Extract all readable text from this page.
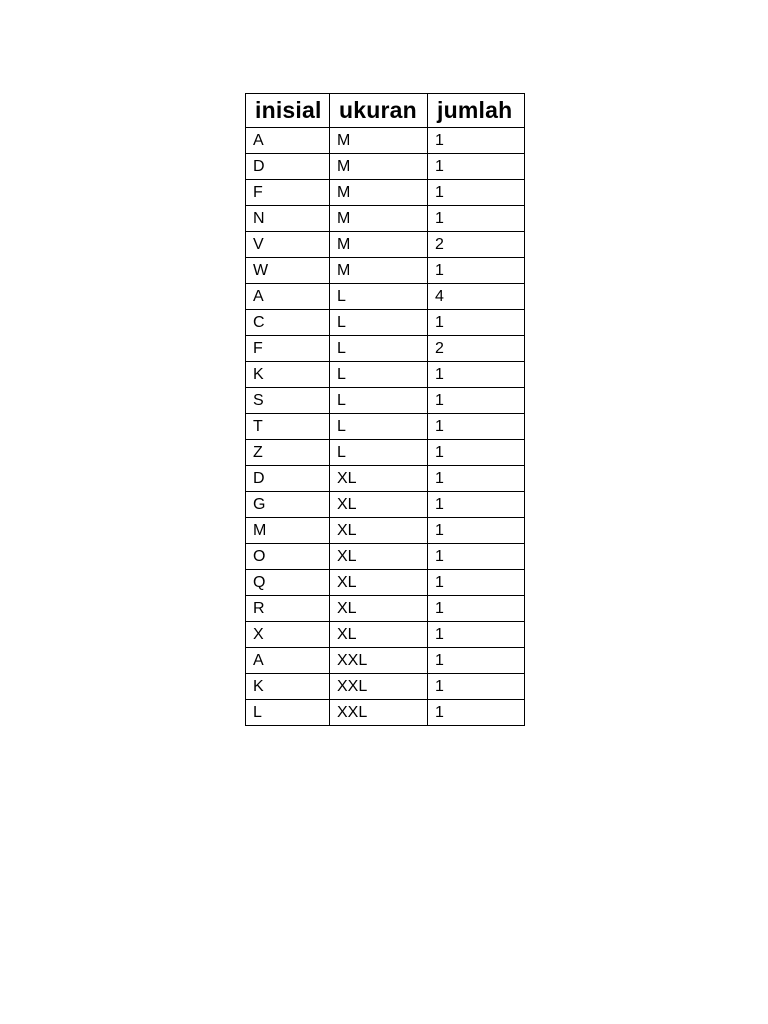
inisial	ukuran	jumlah
A	M	1
D	M	1
F	M	1
N	M	1
V	M	2
W	M	1
A	L	4
C	L	1
F	L	2
K	L	1
S	L	1
T	L	1
Z	L	1
D	XL	1
G	XL	1
M	XL	1
O	XL	1
Q	XL	1
R	XL	1
X	XL	1
A	XXL	1
K	XXL	1
L	XXL	1
